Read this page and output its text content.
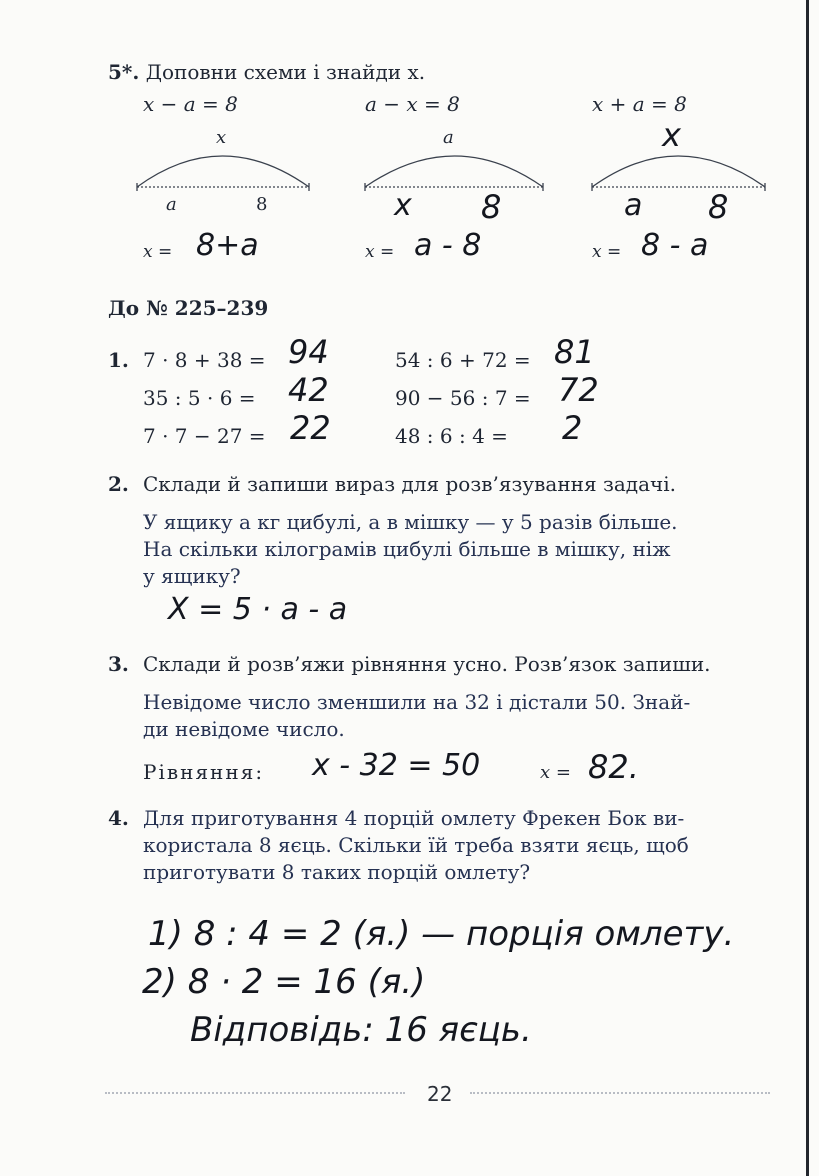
5*. Доповни схеми і знайди x.
x − a = 8	a − x = 8	x + a = 8
x
a	8
a
x 8
x
a 8
x = 8+a	x = a - 8	x = 8 - a
До № 225–239
1. 7 · 8 + 38 = 94	54 : 6 + 72 = 81
35 : 5 · 6 = 42	90 − 56 : 7 = 72
7 · 7 − 27 = 22	48 : 6 : 4 = 2
2. Склади й запиши вираз для розв’язування задачі.
У ящику a кг цибулі, а в мішку — у 5 разів більше.
На скільки кілограмів цибулі більше в мішку, ніж
у ящику?
X = 5 · a - a
3. Склади й розв’яжи рівняння усно. Розв’язок запиши.
Невідоме число зменшили на 32 і дістали 50. Знай-
ди невідоме число.
Рівняння: x - 32 = 50	x = 82.
4. Для приготування 4 порцій омлету Фрекен Бок ви-
користала 8 яєць. Скільки їй треба взяти яєць, щоб
приготувати 8 таких порцій омлету?
1) 8 : 4 = 2 (я.) — порція омлету.
2) 8 · 2 = 16 (я.)
Відповідь: 16 яєць.
22
